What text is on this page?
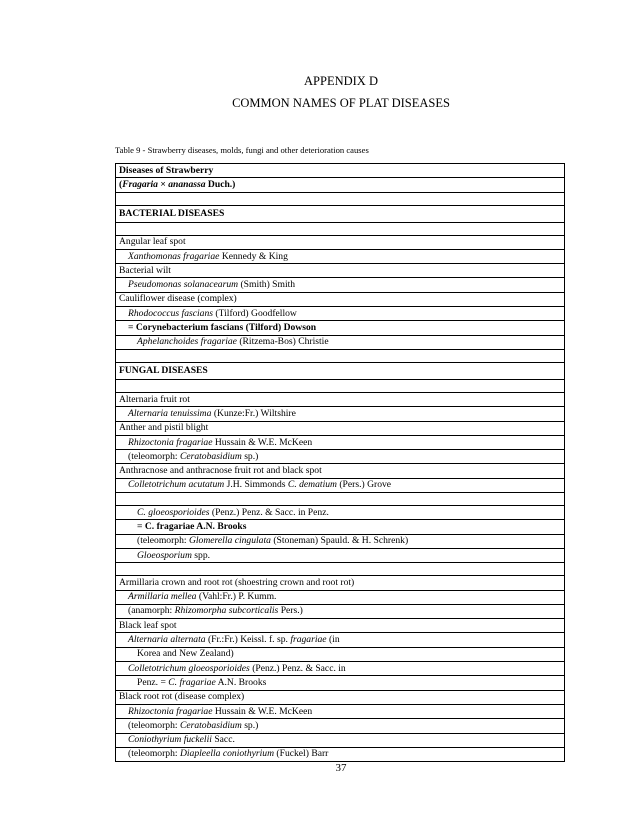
APPENDIX D
COMMON NAMES OF PLAT DISEASES
Table 9 - Strawberry diseases, molds, fungi and other deterioration causes
Diseases of Strawberry
(Fragaria × ananassa Duch.)

BACTERIAL DISEASES

Angular leaf spot
Xanthomonas fragariae Kennedy & King
Bacterial wilt
Pseudomonas solanacearum (Smith) Smith
Cauliflower disease (complex)
Rhodococcus fascians (Tilford) Goodfellow
= Corynebacterium fascians (Tilford) Dowson
Aphelanchoides fragariae (Ritzema-Bos) Christie

FUNGAL DISEASES

Alternaria fruit rot
Alternaria tenuissima (Kunze:Fr.) Wiltshire
Anther and pistil blight
Rhizoctonia fragariae Hussain & W.E. McKeen
(teleomorph: Ceratobasidium sp.)
Anthracnose and anthracnose fruit rot and black spot
Colletotrichum acutatum J.H. Simmonds C. dematium (Pers.) Grove

C. gloeosporioides (Penz.) Penz. & Sacc. in Penz.
= C. fragariae A.N. Brooks
(teleomorph: Glomerella cingulata (Stoneman) Spauld. & H. Schrenk)
Gloeosporium spp.

Armillaria crown and root rot (shoestring crown and root rot)
Armillaria mellea (Vahl:Fr.) P. Kumm.
(anamorph: Rhizomorpha subcorticalis Pers.)
Black leaf spot
Alternaria alternata (Fr.:Fr.) Keissl. f. sp. fragariae (in
Korea and New Zealand)
Colletotrichum gloeosporioides (Penz.) Penz. & Sacc. in
Penz. = C. fragariae A.N. Brooks
Black root rot (disease complex)
Rhizoctonia fragariae Hussain & W.E. McKeen
(teleomorph: Ceratobasidium sp.)
Coniothyrium fuckelii Sacc.
(teleomorph: Diapleella coniothyrium (Fuckel) Barr
37
